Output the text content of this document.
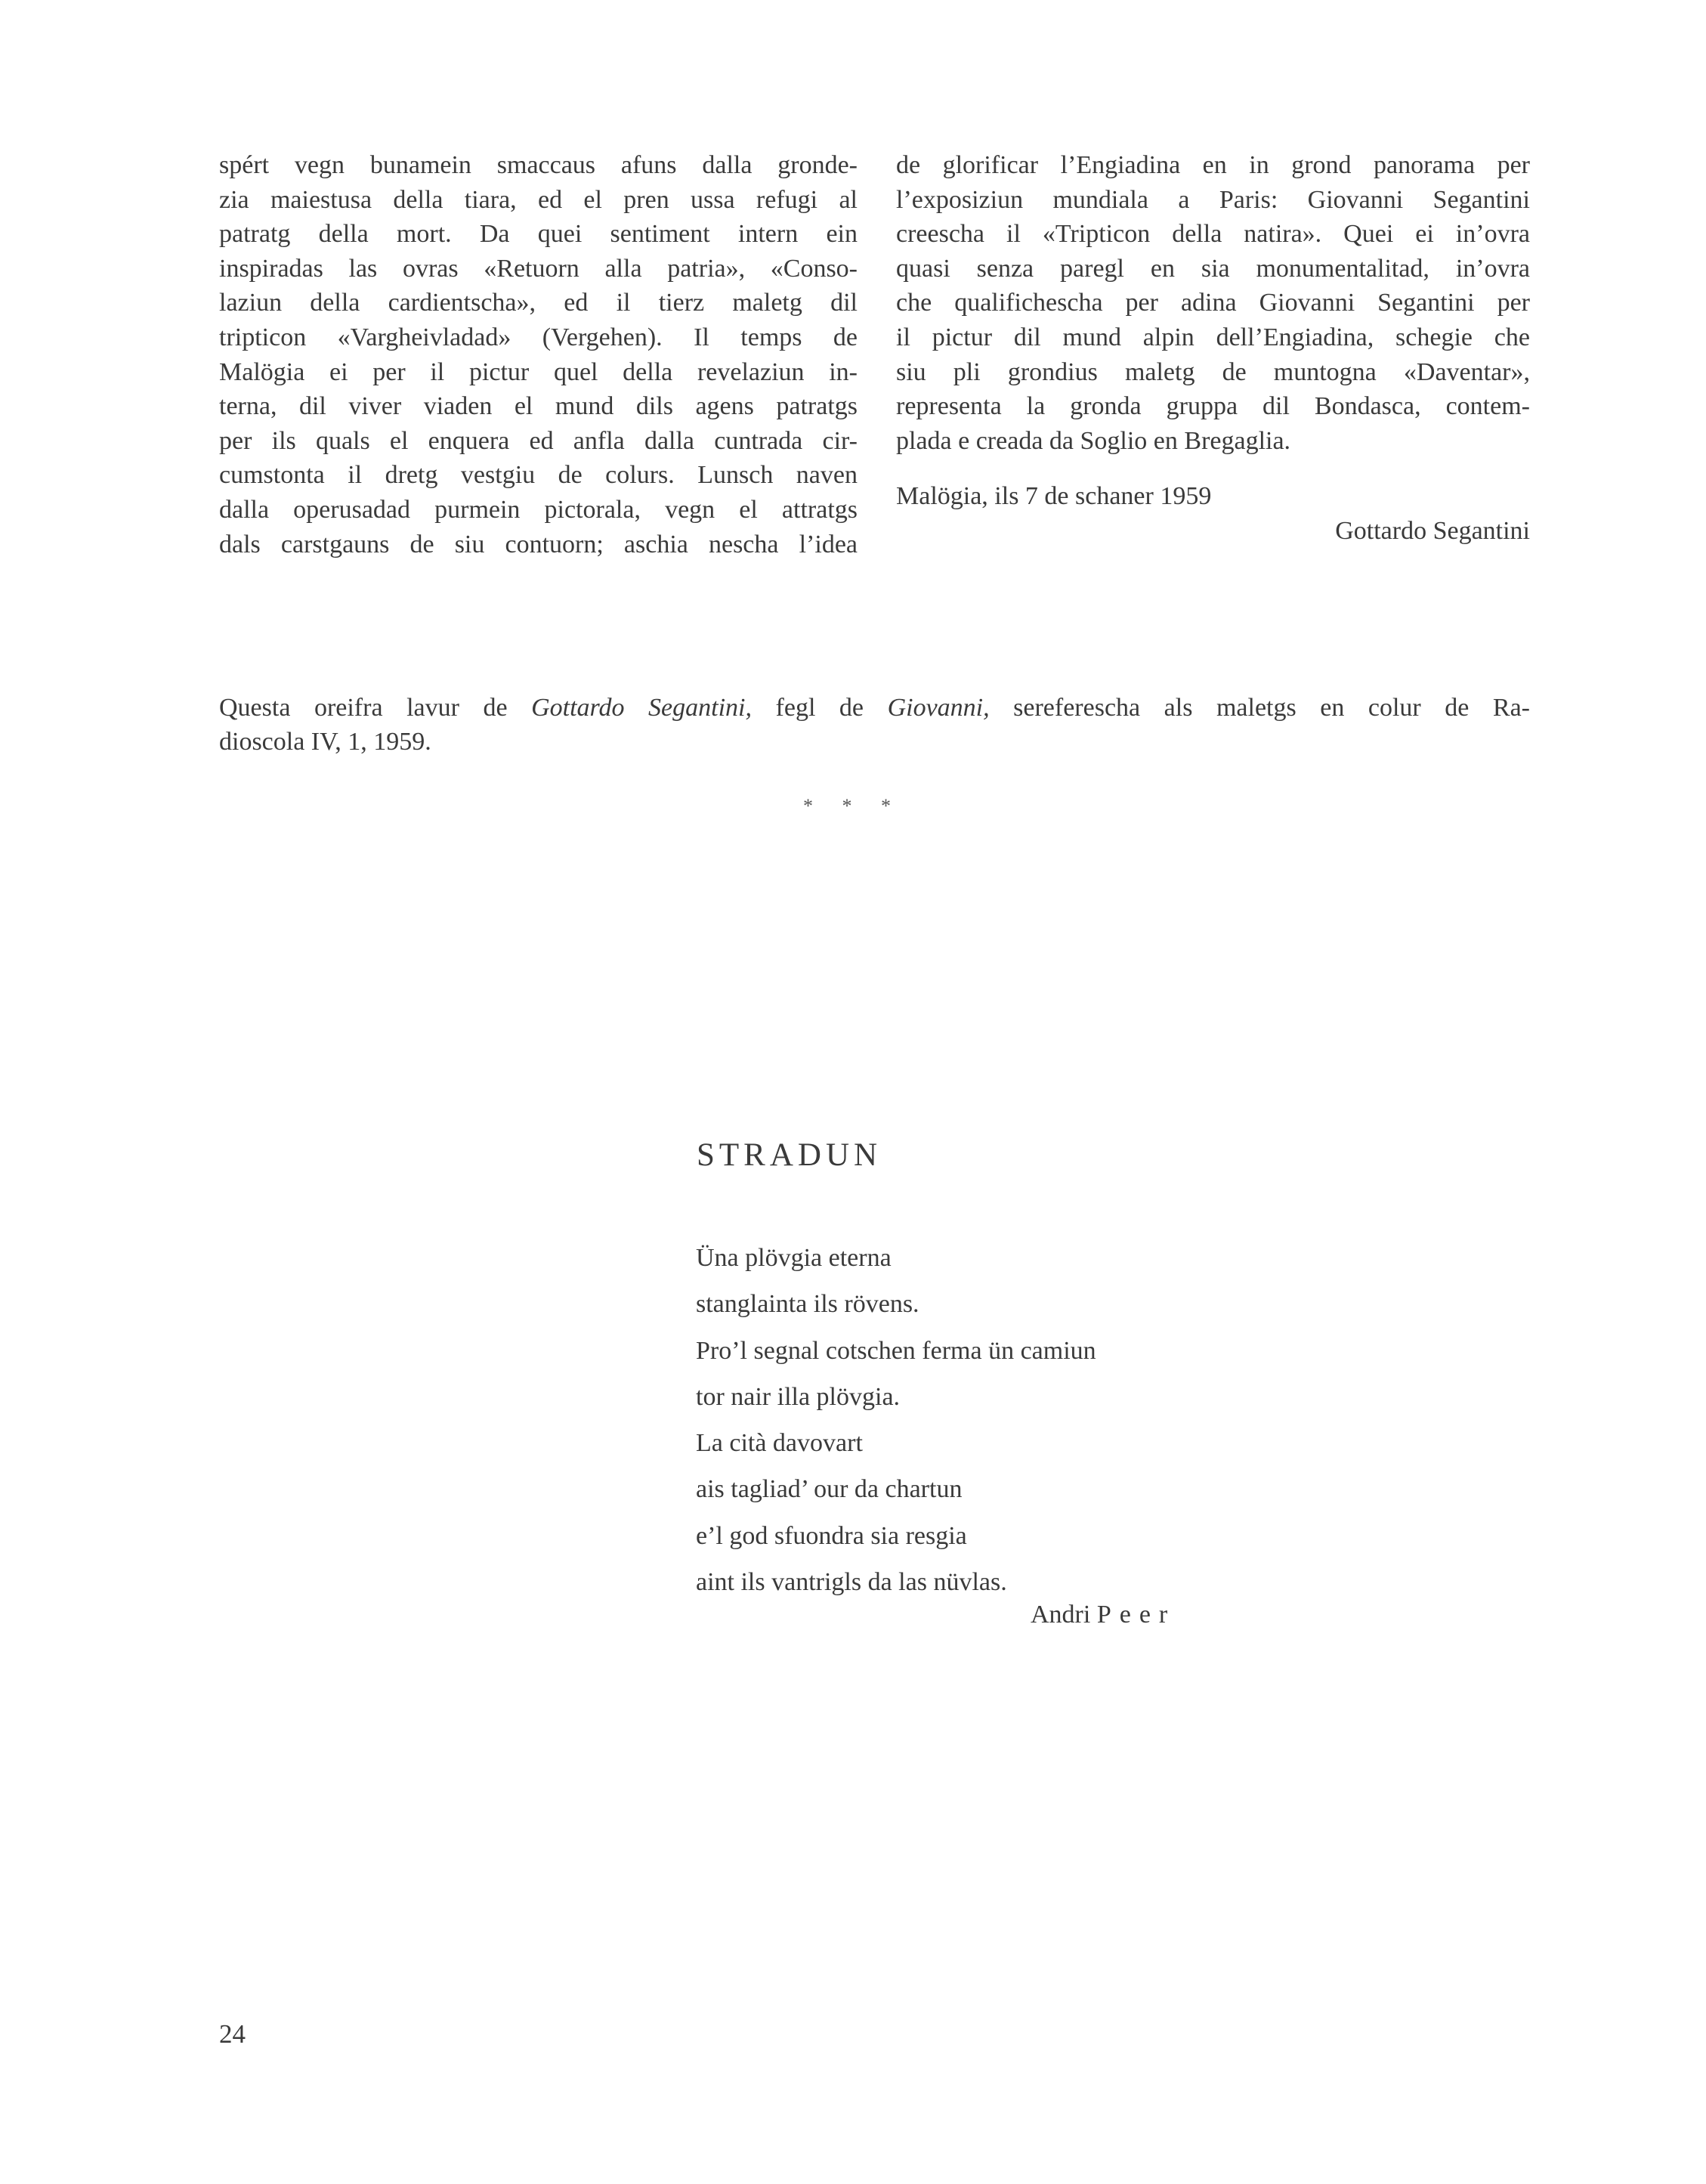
spért vegn bunamein smaccaus afuns dalla gronde-
zia maiestusa della tiara, ed el pren ussa refugi al
patratg della mort. Da quei sentiment intern ein
inspiradas las ovras «Retuorn alla patria», «Conso-
laziun della cardientscha», ed il tierz maletg dil
tripticon «Vargheivladad» (Vergehen). Il temps de
Malögia ei per il pictur quel della revelaziun in-
terna, dil viver viaden el mund dils agens patratgs
per ils quals el enquera ed anfla dalla cuntrada cir-
cumstonta il dretg vestgiu de colurs. Lunsch naven
dalla operusadad purmein pictorala, vegn el attratgs
dals carstgauns de siu contuorn; aschia nescha l’idea
de glorificar l’Engiadina en in grond panorama per
l’exposiziun mundiala a Paris: Giovanni Segantini
creescha il «Tripticon della natira». Quei ei in’ovra
quasi senza paregl en sia monumentalitad, in’ovra
che qualifichescha per adina Giovanni Segantini per
il pictur dil mund alpin dell’Engiadina, schegie che
siu pli grondius maletg de muntogna «Daventar»,
representa la gronda gruppa dil Bondasca, contem-
plada e creada da Soglio en Bregaglia.
Malögia, ils 7 de schaner 1959
Gottardo Segantini
Questa oreifra lavur de Gottardo Segantini, fegl de Giovanni, sereferescha als maletgs en colur de Ra-
dioscola IV, 1, 1959.
* * *
STRADUN
Üna plövgia eterna
stanglainta ils rövens.
Pro’l segnal cotschen ferma ün camiun
tor nair illa plövgia.
La cità davovart
ais tagliad’ our da chartun
e’l god sfuondra sia resgia
aint ils vantrigls da las nüvlas.
Andri Peer
24
